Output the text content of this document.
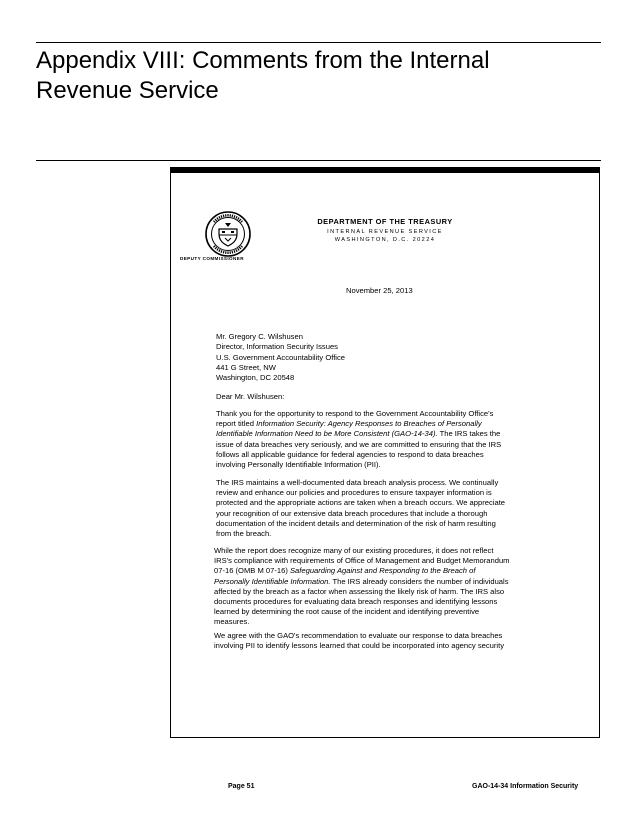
Appendix VIII: Comments from the Internal
Revenue Service
DEPUTY COMMISSIONER
DEPARTMENT OF THE TREASURY
INTERNAL REVENUE SERVICE
WASHINGTON, D.C. 20224
November 25, 2013
Mr. Gregory C. Wilshusen
Director, Information Security Issues
U.S. Government Accountability Office
441 G Street, NW
Washington, DC 20548
Dear Mr. Wilshusen:
Thank you for the opportunity to respond to the Government Accountability Office's
report titled Information Security: Agency Responses to Breaches of Personally
Identifiable Information Need to be More Consistent (GAO-14-34). The IRS takes the
issue of data breaches very seriously, and we are committed to ensuring that the IRS
follows all applicable guidance for federal agencies to respond to data breaches
involving Personally Identifiable Information (PII).
The IRS maintains a well-documented data breach analysis process. We continually
review and enhance our policies and procedures to ensure taxpayer information is
protected and the appropriate actions are taken when a breach occurs. We appreciate
your recognition of our extensive data breach procedures that include a thorough
documentation of the incident details and determination of the risk of harm resulting
from the breach.
While the report does recognize many of our existing procedures, it does not reflect
IRS's compliance with requirements of Office of Management and Budget Memorandum
07-16 (OMB M 07-16) Safeguarding Against and Responding to the Breach of
Personally Identifiable Information. The IRS already considers the number of individuals
affected by the breach as a factor when assessing the likely risk of harm. The IRS also
documents procedures for evaluating data breach responses and identifying lessons
learned by determining the root cause of the incident and identifying preventive
measures.
We agree with the GAO's recommendation to evaluate our response to data breaches
involving PII to identify lessons learned that could be incorporated into agency security
Page 51	GAO-14-34 Information Security
